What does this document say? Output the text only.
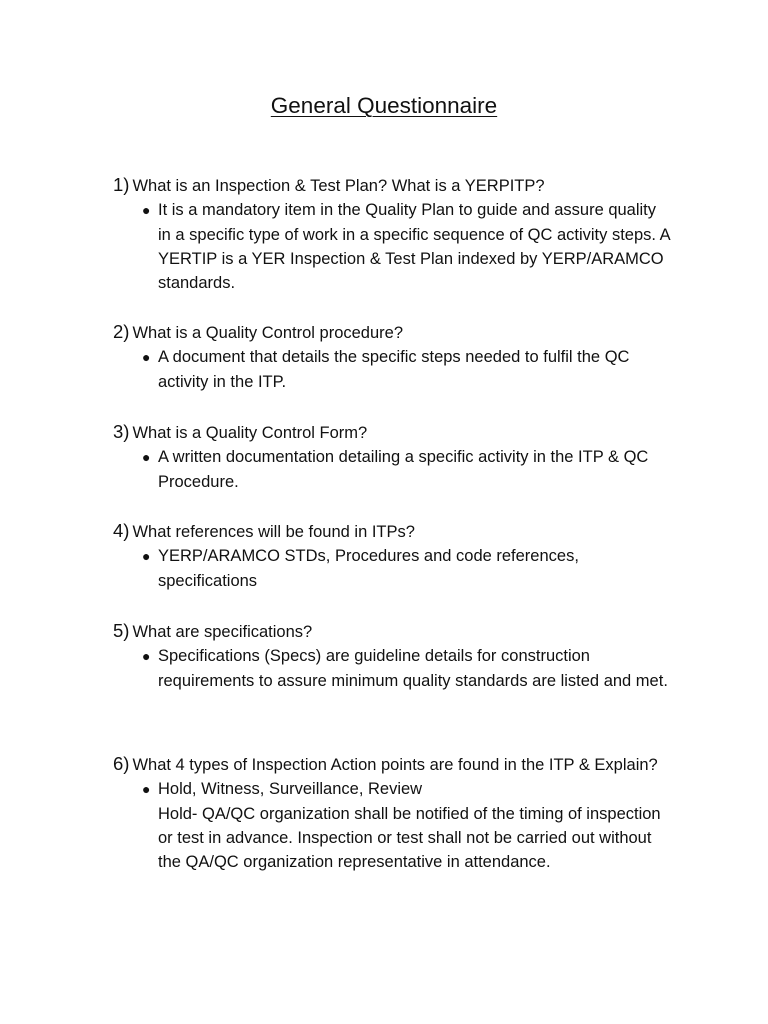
General Questionnaire

1) What is an Inspection & Test Plan? What is a YERPITP?

● It is a mandatory item in the Quality Plan to guide and assure quality in a specific type of work in a specific sequence of QC activity steps. A YERTIP is a YER Inspection & Test Plan indexed by YERP/ARAMCO standards.

2) What is a Quality Control procedure?

● A document that details the specific steps needed to fulfil the QC activity in the ITP.

3) What is a Quality Control Form?

● A written documentation detailing a specific activity in the ITP & QC Procedure.

4) What references will be found in ITPs?

● YERP/ARAMCO STDs, Procedures and code references, specifications

5) What are specifications?

● Specifications (Specs) are guideline details for construction requirements to assure minimum quality standards are listed and met.

6) What 4 types of Inspection Action points are found in the ITP & Explain?

● Hold, Witness, Surveillance, Review

Hold- QA/QC organization shall be notified of the timing of inspection or test in advance. Inspection or test shall not be carried out without the QA/QC organization representative in attendance.
